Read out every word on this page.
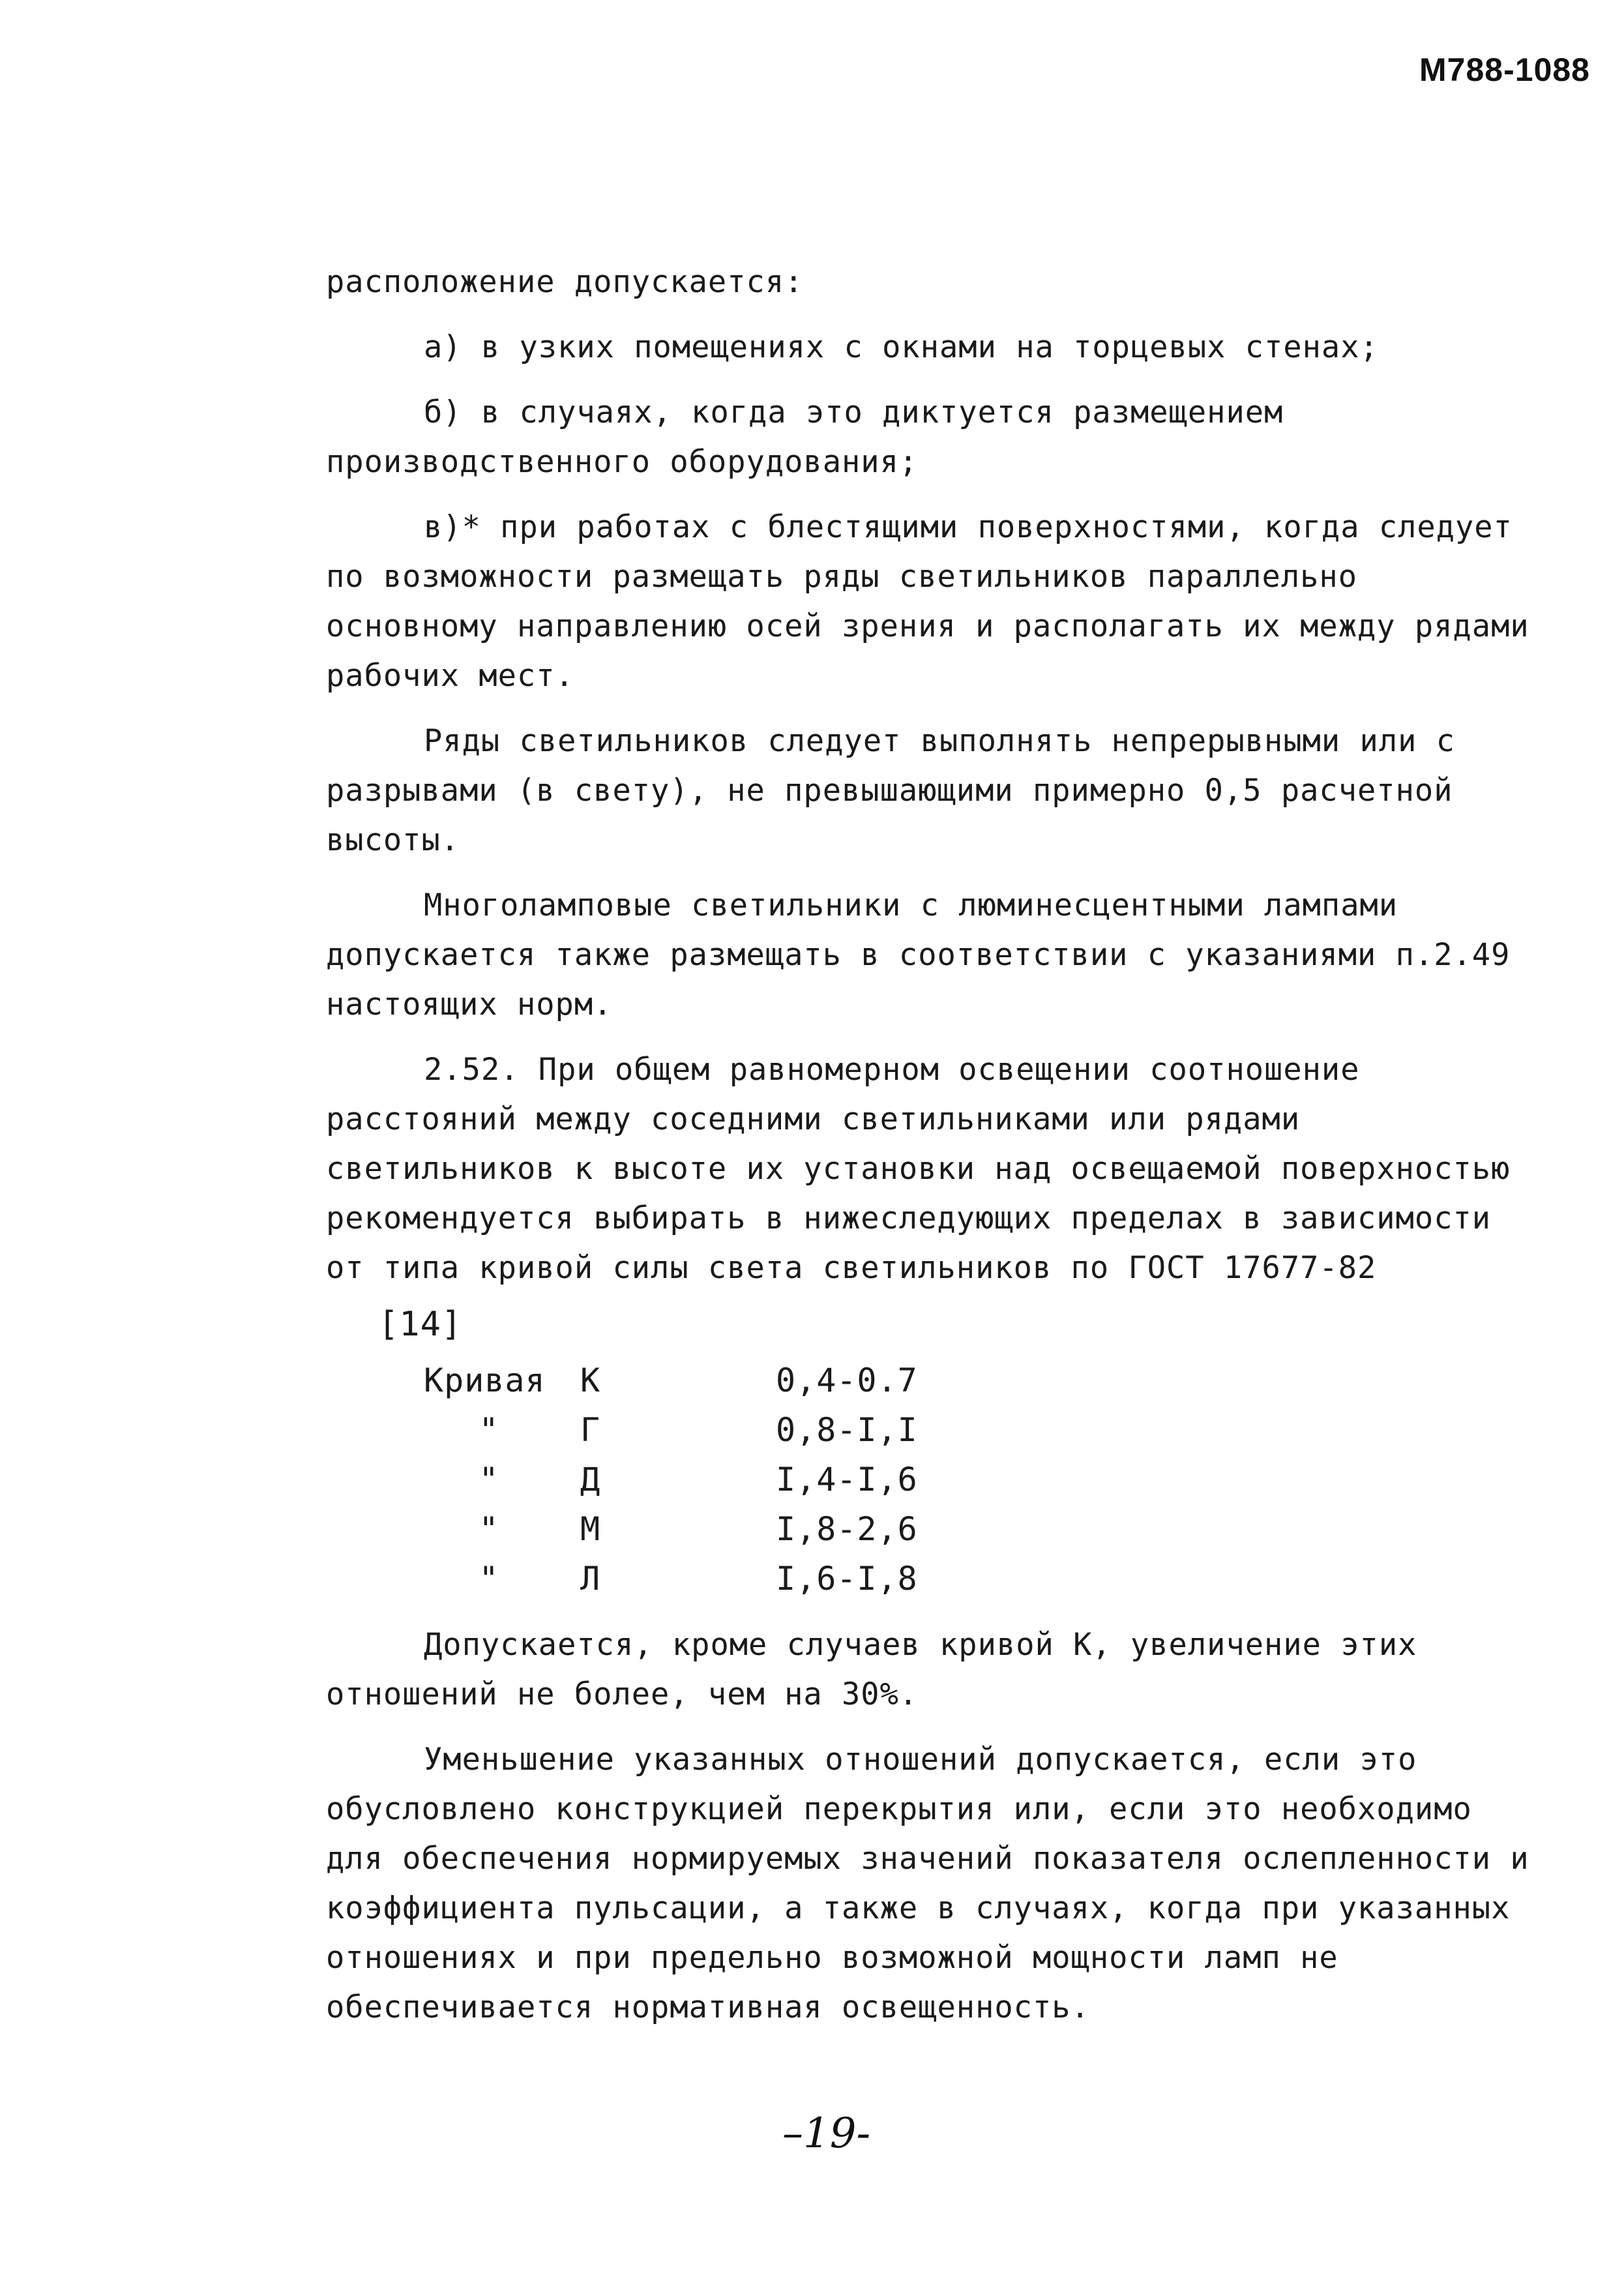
М788-1088

расположение допускается:

а) в узких помещениях с окнами на торцевых стенах;

б) в случаях, когда это диктуется размещением производственного оборудования;

в)* при работах с блестящими поверхностями, когда следует по возможности размещать ряды светильников параллельно основному направлению осей зрения и располагать их между рядами рабочих мест.

Ряды светильников следует выполнять непрерывными или с разрывами (в свету), не превышающими примерно 0,5 расчетной высоты.

Многоламповые светильники с люминесцентными лампами допускается также размещать в соответствии с указаниями п.2.49 настоящих норм.

2.52. При общем равномерном освещении соотношение расстояний между соседними светильниками или рядами светильников к высоте их установки над освещаемой поверхностью рекомендуется выбирать в нижеследующих пределах в зависимости от типа кривой силы света светильников по ГОСТ 17677-82

[14]

Кривая	К	0,4-0.7
"	Г	0,8-I,I
"	Д	I,4-I,6
"	М	I,8-2,6
"	Л	I,6-I,8

Допускается, кроме случаев кривой К, увеличение этих отношений не более, чем на 30%.

Уменьшение указанных отношений допускается, если это обусловлено конструкцией перекрытия или, если это необходимо для обеспечения нормируемых значений показателя ослепленности и коэффициента пульсации, а также в случаях, когда при указанных отношениях и при предельно возможной мощности ламп не обеспечивается нормативная освещенность.

–19-
